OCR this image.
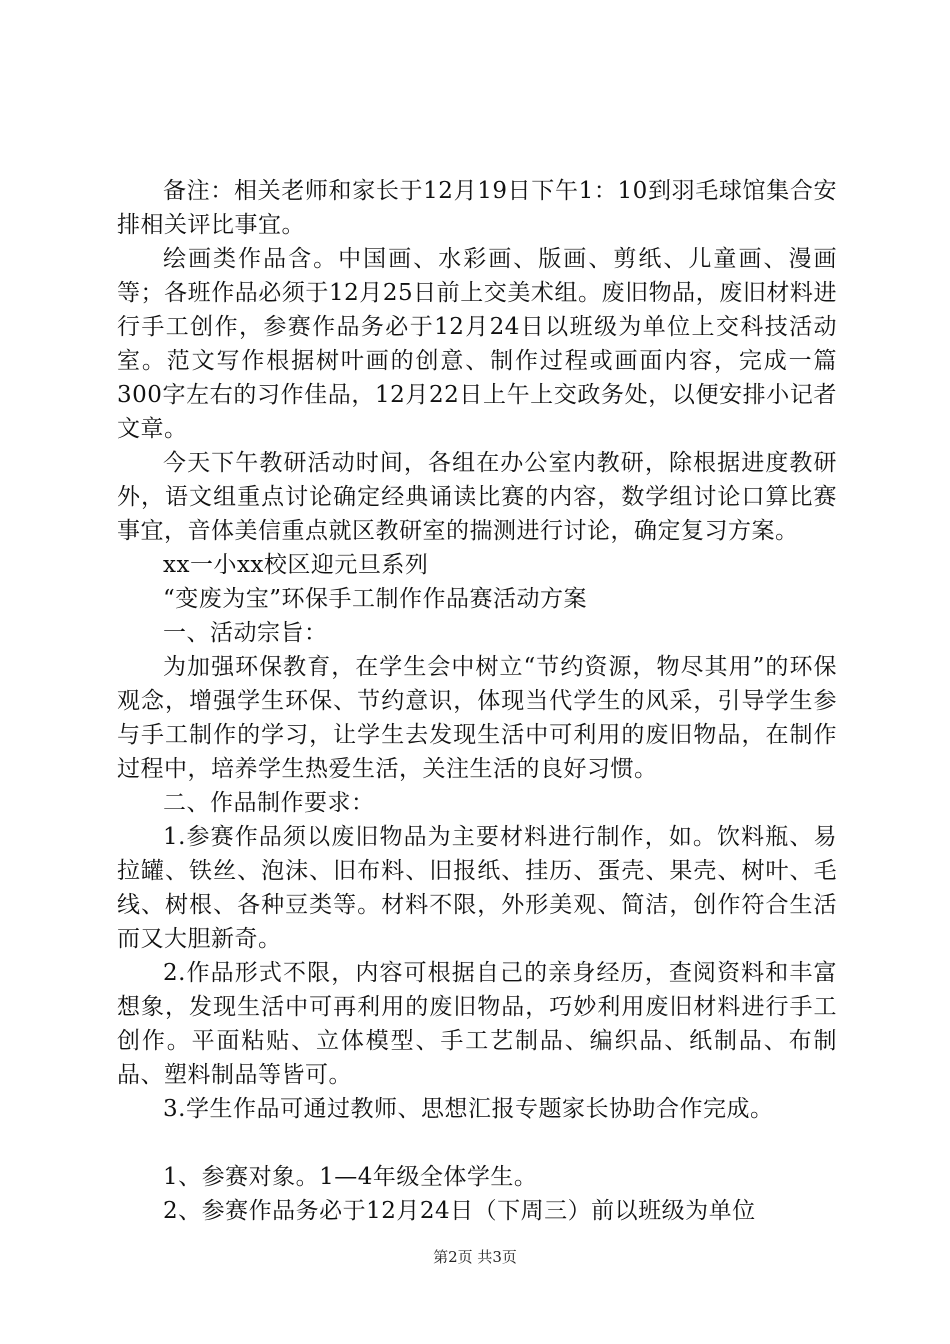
备注：相关老师和家长于12月19日下午1：10到羽毛球馆集合安排相关评比事宜。

绘画类作品含。中国画、水彩画、版画、剪纸、儿童画、漫画等；各班作品必须于12月25日前上交美术组。废旧物品，废旧材料进行手工创作，参赛作品务必于12月24日以班级为单位上交科技活动室。范文写作根据树叶画的创意、制作过程或画面内容，完成一篇300字左右的习作佳品，12月22日上午上交政务处，以便安排小记者文章。

今天下午教研活动时间，各组在办公室内教研，除根据进度教研外，语文组重点讨论确定经典诵读比赛的内容，数学组讨论口算比赛事宜，音体美信重点就区教研室的揣测进行讨论，确定复习方案。

xx一小xx校区迎元旦系列

“变废为宝”环保手工制作作品赛活动方案

一、活动宗旨：

为加强环保教育，在学生会中树立“节约资源，物尽其用”的环保观念，增强学生环保、节约意识，体现当代学生的风采，引导学生参与手工制作的学习，让学生去发现生活中可利用的废旧物品，在制作过程中，培养学生热爱生活，关注生活的良好习惯。

二、作品制作要求：

1.参赛作品须以废旧物品为主要材料进行制作，如。饮料瓶、易拉罐、铁丝、泡沫、旧布料、旧报纸、挂历、蛋壳、果壳、树叶、毛线、树根、各种豆类等。材料不限，外形美观、简洁，创作符合生活而又大胆新奇。

2.作品形式不限，内容可根据自己的亲身经历，查阅资料和丰富想象，发现生活中可再利用的废旧物品，巧妙利用废旧材料进行手工创作。平面粘贴、立体模型、手工艺制品、编织品、纸制品、布制品、塑料制品等皆可。

3.学生作品可通过教师、思想汇报专题家长协助合作完成。

1、参赛对象。1—4年级全体学生。

2、参赛作品务必于12月24日（下周三）前以班级为单位

第2页 共3页
